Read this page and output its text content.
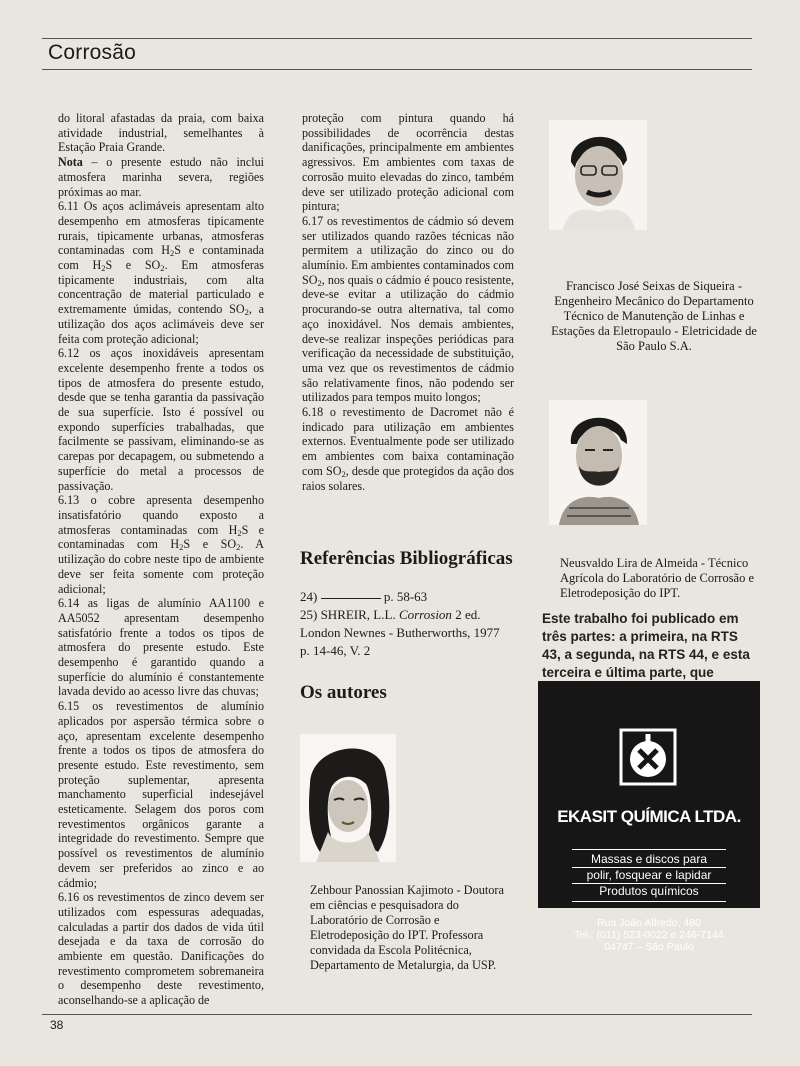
Corrosão

do litoral afastadas da praia, com baixa atividade industrial, semelhantes à Estação Praia Grande.

Nota – o presente estudo não inclui atmosfera marinha severa, regiões próximas ao mar.

6.11 Os aços aclimáveis apresentam alto desempenho em atmosferas tipicamente rurais, tipicamente urbanas, atmosferas contaminadas com $H_2S$ e contaminada com $H_2S$ e $SO_2$. Em atmosferas tipicamente industriais, com alta concentração de material particulado e extremamente úmidas, contendo $SO_2$, a utilização dos aços aclimáveis deve ser feita com proteção adicional;

6.12 os aços inoxidáveis apresentam excelente desempenho frente a todos os tipos de atmosfera do presente estudo, desde que se tenha garantia da passivação de sua superfície. Isto é possível ou expondo superfícies trabalhadas, que facilmente se passivam, eliminando-se as carepas por decapagem, ou submetendo a superfície do metal a processos de passivação.

6.13 o cobre apresenta desempenho insatisfatório quando exposto a atmosferas contaminadas com $H_2S$ e contaminadas com $H_2S$ e $SO_2$. A utilização do cobre neste tipo de ambiente deve ser feita somente com proteção adicional;

6.14 as ligas de alumínio AA1100 e AA5052 apresentam desempenho satisfatório frente a todos os tipos de atmosfera do presente estudo. Este desempenho é garantido quando a superfície do alumínio é constantemente lavada devido ao acesso livre das chuvas;

6.15 os revestimentos de alumínio aplicados por aspersão térmica sobre o aço, apresentam excelente desempenho frente a todos os tipos de atmosfera do presente estudo. Este revestimento, sem proteção suplementar, apresenta manchamento superficial indesejável esteticamente. Selagem dos poros com revestimentos orgânicos garante a integridade do revestimento. Sempre que possível os revestimentos de alumínio devem ser preferidos ao zinco e ao cádmio;

6.16 os revestimentos de zinco devem ser utilizados com espessuras adequadas, calculadas a partir dos dados de vida útil desejada e da taxa de corrosão do ambiente em questão. Danificações do revestimento comprometem sobremaneira o desempenho deste revestimento, aconselhando-se a aplicação de

proteção com pintura quando há possibilidades de ocorrência destas danificações, principalmente em ambientes agressivos. Em ambientes com taxas de corrosão muito elevadas do zinco, também deve ser utilizado proteção adicional com pintura;

6.17 os revestimentos de cádmio só devem ser utilizados quando razões técnicas não permitem a utilização do zinco ou do alumínio. Em ambientes contaminados com $SO_2$, nos quais o cádmio é pouco resistente, deve-se evitar a utilização do cádmio procurando-se outra alternativa, tal como aço inoxidável. Nos demais ambientes, deve-se realizar inspeções periódicas para verificação da necessidade de substituição, uma vez que os revestimentos de cádmio são relativamente finos, não podendo ser utilizados para tempos muito longos;

6.18 o revestimento de Dacromet não é indicado para utilização em ambientes externos. Eventualmente pode ser utilizado em ambientes com baixa contaminação com $SO_2$, desde que protegidos da ação dos raios solares.

Referências Bibliográficas

24)	p. 58-63

25) SHREIR, L.L. Corrosion 2 ed. London Newnes - Butherworths, 1977 p. 14-46, V. 2

Os autores
Francisco José Seixas de Siqueira - Engenheiro Mecânico do Departamento Técnico de Manutenção de Linhas e Estações da Eletropaulo - Eletricidade de São Paulo S.A.
Neusvaldo Lira de Almeida - Técnico Agrícola do Laboratório de Corrosão e Eletrodeposição do IPT.
Zehbour Panossian Kajimoto - Doutora em ciências e pesquisadora do Laboratório de Corrosão e Eletrodeposição do IPT. Professora convidada da Escola Politécnica, Departamento de Metalurgia, da USP.
Este trabalho foi publicado em três partes: a primeira, na RTS 43, a segunda, na RTS 44, e esta terceira e última parte, que
EKASIT QUÍMICA LTDA.
Massas e discos para
polir, fosquear e lapidar
Produtos químicos
Rua João Alfredo, 480
Tel.: (011) 523-0022 e 246-7144
04747 – São Paulo
38
